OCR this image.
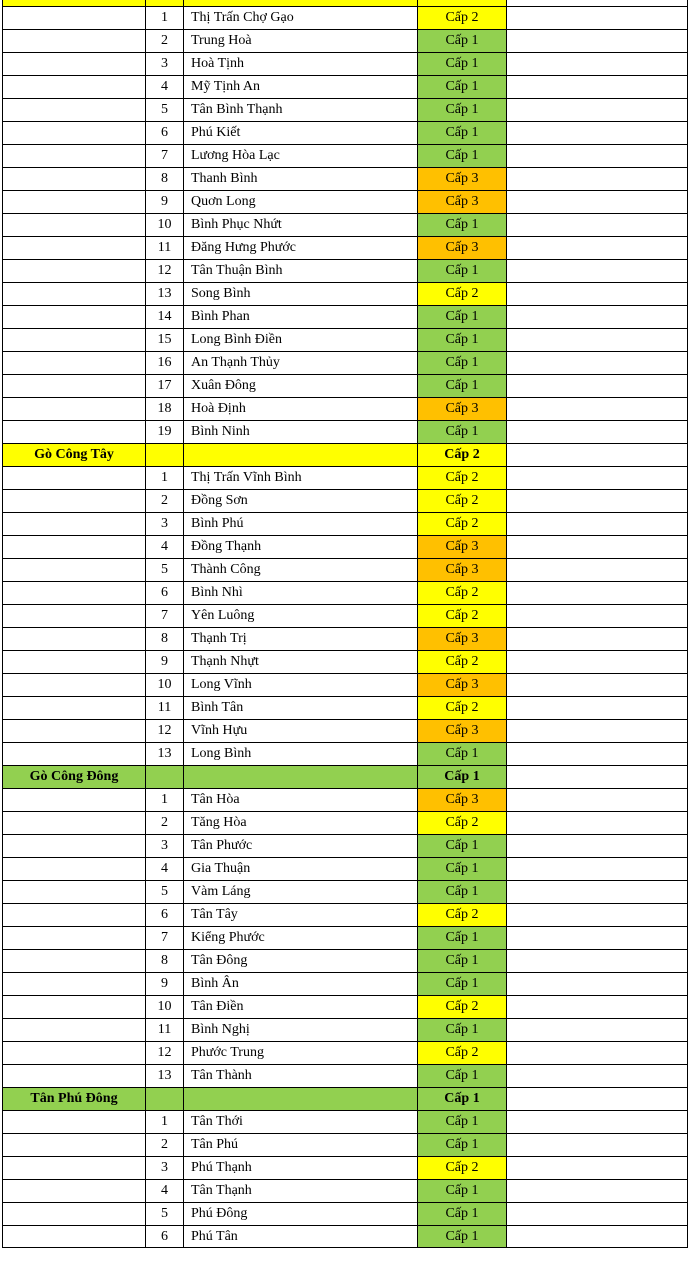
	1	Thị Trấn Chợ Gạo	Cấp 2	
	2	Trung Hoà	Cấp 1	
	3	Hoà Tịnh	Cấp 1	
	4	Mỹ Tịnh An	Cấp 1	
	5	Tân Bình Thạnh	Cấp 1	
	6	Phú Kiết	Cấp 1	
	7	Lương Hòa Lạc	Cấp 1	
	8	Thanh Bình	Cấp 3	
	9	Quơn Long	Cấp 3	
	10	Bình Phục Nhứt	Cấp 1	
	11	Đăng Hưng Phước	Cấp 3	
	12	Tân Thuận Bình	Cấp 1	
	13	Song Bình	Cấp 2	
	14	Bình Phan	Cấp 1	
	15	Long Bình Điền	Cấp 1	
	16	An Thạnh Thủy	Cấp 1	
	17	Xuân Đông	Cấp 1	
	18	Hoà Định	Cấp 3	
	19	Bình Ninh	Cấp 1	
Gò Công Tây			Cấp 2	
	1	Thị Trấn Vĩnh Bình	Cấp 2	
	2	Đồng Sơn	Cấp 2	
	3	Bình Phú	Cấp 2	
	4	Đồng Thạnh	Cấp 3	
	5	Thành Công	Cấp 3	
	6	Bình Nhì	Cấp 2	
	7	Yên Luông	Cấp 2	
	8	Thạnh Trị	Cấp 3	
	9	Thạnh Nhựt	Cấp 2	
	10	Long Vĩnh	Cấp 3	
	11	Bình Tân	Cấp 2	
	12	Vĩnh Hựu	Cấp 3	
	13	Long Bình	Cấp 1	
Gò Công Đông			Cấp 1	
	1	Tân Hòa	Cấp 3	
	2	Tăng Hòa	Cấp 2	
	3	Tân Phước	Cấp 1	
	4	Gia Thuận	Cấp 1	
	5	Vàm Láng	Cấp 1	
	6	Tân Tây	Cấp 2	
	7	Kiểng Phước	Cấp 1	
	8	Tân Đông	Cấp 1	
	9	Bình Ân	Cấp 1	
	10	Tân Điền	Cấp 2	
	11	Bình Nghị	Cấp 1	
	12	Phước Trung	Cấp 2	
	13	Tân Thành	Cấp 1	
Tân Phú Đông			Cấp 1	
	1	Tân Thới	Cấp 1	
	2	Tân Phú	Cấp 1	
	3	Phú Thạnh	Cấp 2	
	4	Tân Thạnh	Cấp 1	
	5	Phú Đông	Cấp 1	
	6	Phú Tân	Cấp 1	
